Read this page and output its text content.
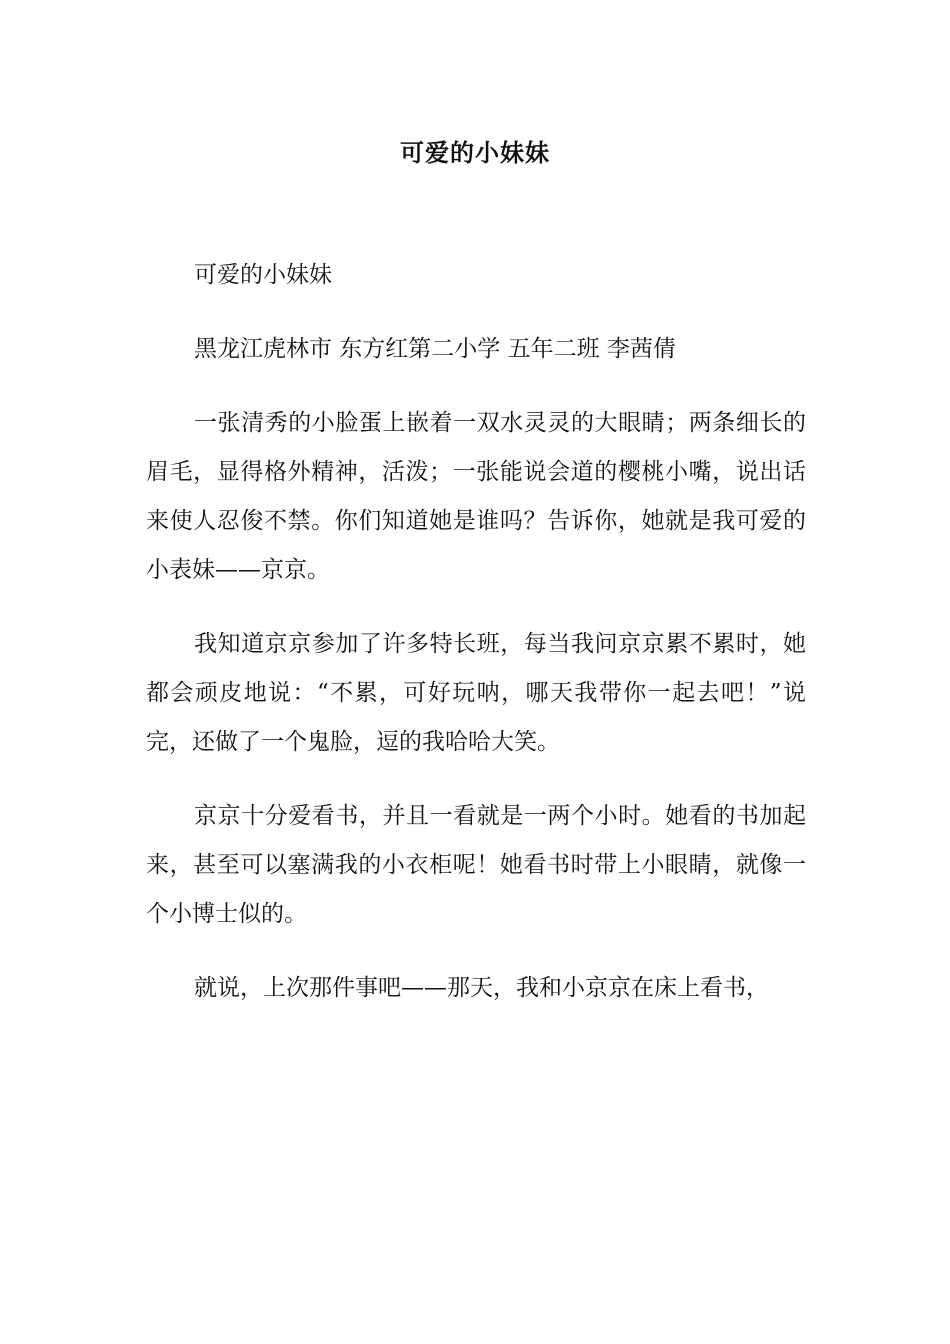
可爱的小妹妹

可爱的小妹妹

黑龙江虎林市 东方红第二小学 五年二班 李茜倩

一张清秀的小脸蛋上嵌着一双水灵灵的大眼睛；两条细长的眉毛，显得格外精神，活泼；一张能说会道的樱桃小嘴，说出话来使人忍俊不禁。你们知道她是谁吗？告诉你，她就是我可爱的小表妹——京京。

我知道京京参加了许多特长班，每当我问京京累不累时，她都会顽皮地说：“不累，可好玩呐，哪天我带你一起去吧！”说完，还做了一个鬼脸，逗的我哈哈大笑。

京京十分爱看书，并且一看就是一两个小时。她看的书加起来，甚至可以塞满我的小衣柜呢！她看书时带上小眼睛，就像一个小博士似的。

就说，上次那件事吧——那天，我和小京京在床上看书，
